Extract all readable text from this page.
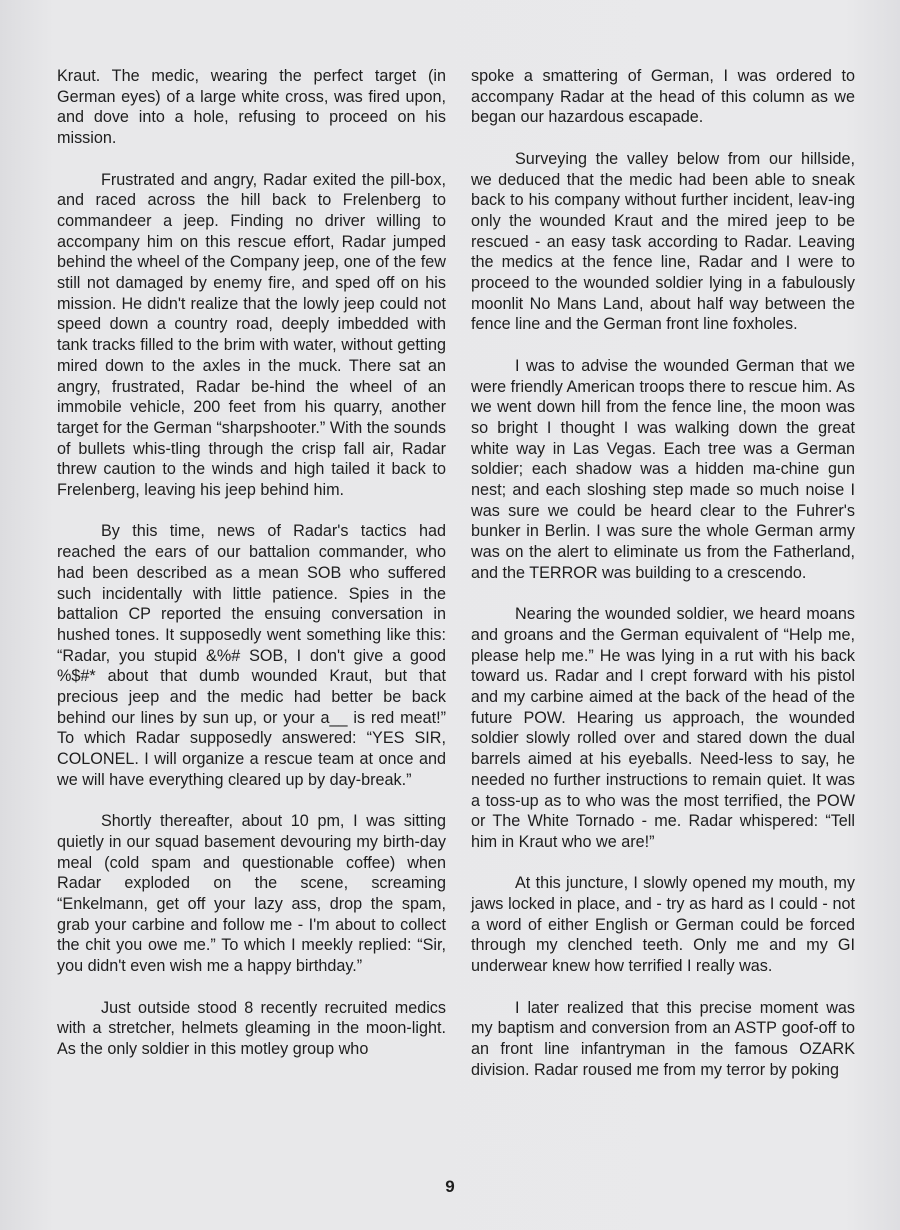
Kraut. The medic, wearing the perfect target (in German eyes) of a large white cross, was fired upon, and dove into a hole, refusing to proceed on his mission.

Frustrated and angry, Radar exited the pill-box, and raced across the hill back to Frelenberg to commandeer a jeep. Finding no driver willing to accompany him on this rescue effort, Radar jumped behind the wheel of the Company jeep, one of the few still not damaged by enemy fire, and sped off on his mission. He didn't realize that the lowly jeep could not speed down a country road, deeply imbedded with tank tracks filled to the brim with water, without getting mired down to the axles in the muck. There sat an angry, frustrated, Radar be-hind the wheel of an immobile vehicle, 200 feet from his quarry, another target for the German “sharpshooter.” With the sounds of bullets whis-tling through the crisp fall air, Radar threw caution to the winds and high tailed it back to Frelenberg, leaving his jeep behind him.

By this time, news of Radar's tactics had reached the ears of our battalion commander, who had been described as a mean SOB who suffered such incidentally with little patience. Spies in the battalion CP reported the ensuing conversation in hushed tones. It supposedly went something like this: “Radar, you stupid &%# SOB, I don't give a good %$#* about that dumb wounded Kraut, but that precious jeep and the medic had better be back behind our lines by sun up, or your a__ is red meat!” To which Radar supposedly answered: “YES SIR, COLONEL. I will organize a rescue team at once and we will have everything cleared up by day-break.”

Shortly thereafter, about 10 pm, I was sitting quietly in our squad basement devouring my birth-day meal (cold spam and questionable coffee) when Radar exploded on the scene, screaming “Enkelmann, get off your lazy ass, drop the spam, grab your carbine and follow me - I'm about to collect the chit you owe me.” To which I meekly replied: “Sir, you didn't even wish me a happy birthday.”

Just outside stood 8 recently recruited medics with a stretcher, helmets gleaming in the moon-light. As the only soldier in this motley group who

spoke a smattering of German, I was ordered to accompany Radar at the head of this column as we began our hazardous escapade.

Surveying the valley below from our hillside, we deduced that the medic had been able to sneak back to his company without further incident, leav-ing only the wounded Kraut and the mired jeep to be rescued - an easy task according to Radar. Leaving the medics at the fence line, Radar and I were to proceed to the wounded soldier lying in a fabulously moonlit No Mans Land, about half way between the fence line and the German front line foxholes.

I was to advise the wounded German that we were friendly American troops there to rescue him. As we went down hill from the fence line, the moon was so bright I thought I was walking down the great white way in Las Vegas. Each tree was a German soldier; each shadow was a hidden ma-chine gun nest; and each sloshing step made so much noise I was sure we could be heard clear to the Fuhrer's bunker in Berlin. I was sure the whole German army was on the alert to eliminate us from the Fatherland, and the TERROR was building to a crescendo.

Nearing the wounded soldier, we heard moans and groans and the German equivalent of “Help me, please help me.” He was lying in a rut with his back toward us. Radar and I crept forward with his pistol and my carbine aimed at the back of the head of the future POW. Hearing us approach, the wounded soldier slowly rolled over and stared down the dual barrels aimed at his eyeballs. Need-less to say, he needed no further instructions to remain quiet. It was a toss-up as to who was the most terrified, the POW or The White Tornado - me. Radar whispered: “Tell him in Kraut who we are!”

At this juncture, I slowly opened my mouth, my jaws locked in place, and - try as hard as I could - not a word of either English or German could be forced through my clenched teeth. Only me and my GI underwear knew how terrified I really was.

I later realized that this precise moment was my baptism and conversion from an ASTP goof-off to an front line infantryman in the famous OZARK division. Radar roused me from my terror by poking

9
